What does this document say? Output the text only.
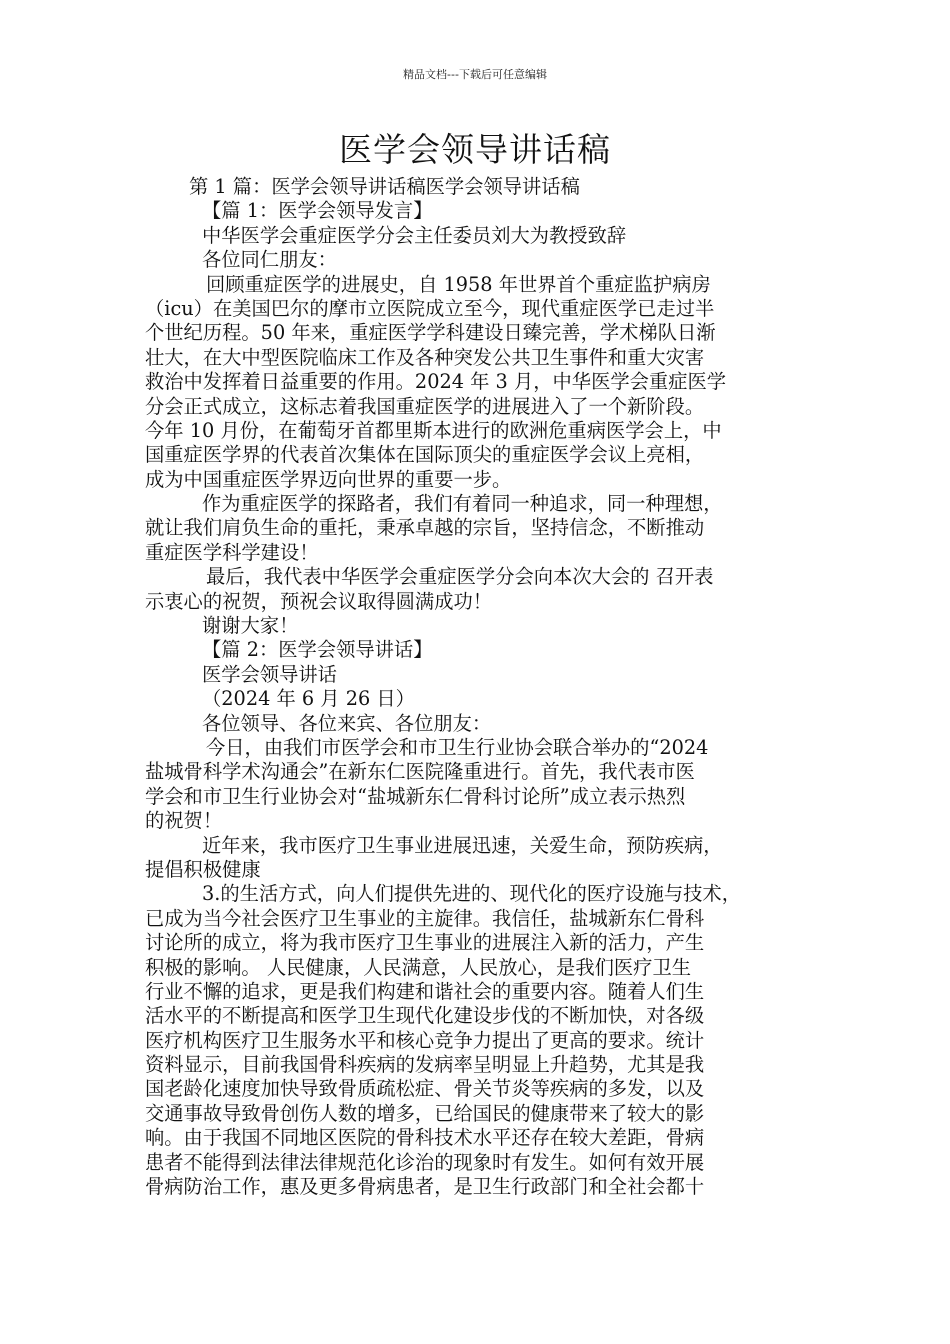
精品文档---下载后可任意编辑
医学会领导讲话稿
第 1 篇：医学会领导讲话稿医学会领导讲话稿
【篇 1：医学会领导发言】
中华医学会重症医学分会主任委员刘大为教授致辞
各位同仁朋友：
回顾重症医学的进展史，自 1958 年世界首个重症监护病房
（icu）在美国巴尔的摩市立医院成立至今，现代重症医学已走过半
个世纪历程。50 年来，重症医学学科建设日臻完善，学术梯队日渐
壮大，在大中型医院临床工作及各种突发公共卫生事件和重大灾害
救治中发挥着日益重要的作用。2024 年 3 月，中华医学会重症医学
分会正式成立，这标志着我国重症医学的进展进入了一个新阶段。
今年 10 月份，在葡萄牙首都里斯本进行的欧洲危重病医学会上，中
国重症医学界的代表首次集体在国际顶尖的重症医学会议上亮相，
成为中国重症医学界迈向世界的重要一步。
作为重症医学的探路者，我们有着同一种追求，同一种理想，
就让我们肩负生命的重托，秉承卓越的宗旨，坚持信念，不断推动
重症医学科学建设！
最后，我代表中华医学会重症医学分会向本次大会的 召开表
示衷心的祝贺，预祝会议取得圆满成功！
谢谢大家！
【篇 2：医学会领导讲话】
医学会领导讲话
（2024 年 6 月 26 日）
各位领导、各位来宾、各位朋友：
今日，由我们市医学会和市卫生行业协会联合举办的“2024
盐城骨科学术沟通会”在新东仁医院隆重进行。首先，我代表市医
学会和市卫生行业协会对“盐城新东仁骨科讨论所”成立表示热烈
的祝贺！
近年来，我市医疗卫生事业进展迅速，关爱生命，预防疾病，
提倡积极健康
3.的生活方式，向人们提供先进的、现代化的医疗设施与技术，
已成为当今社会医疗卫生事业的主旋律。我信任，盐城新东仁骨科
讨论所的成立，将为我市医疗卫生事业的进展注入新的活力，产生
积极的影响。 人民健康，人民满意，人民放心，是我们医疗卫生
行业不懈的追求，更是我们构建和谐社会的重要内容。随着人们生
活水平的不断提高和医学卫生现代化建设步伐的不断加快，对各级
医疗机构医疗卫生服务水平和核心竞争力提出了更高的要求。统计
资料显示，目前我国骨科疾病的发病率呈明显上升趋势，尤其是我
国老龄化速度加快导致骨质疏松症、骨关节炎等疾病的多发，以及
交通事故导致骨创伤人数的增多，已给国民的健康带来了较大的影
响。由于我国不同地区医院的骨科技术水平还存在较大差距，骨病
患者不能得到法律法律规范化诊治的现象时有发生。如何有效开展
骨病防治工作，惠及更多骨病患者，是卫生行政部门和全社会都十
